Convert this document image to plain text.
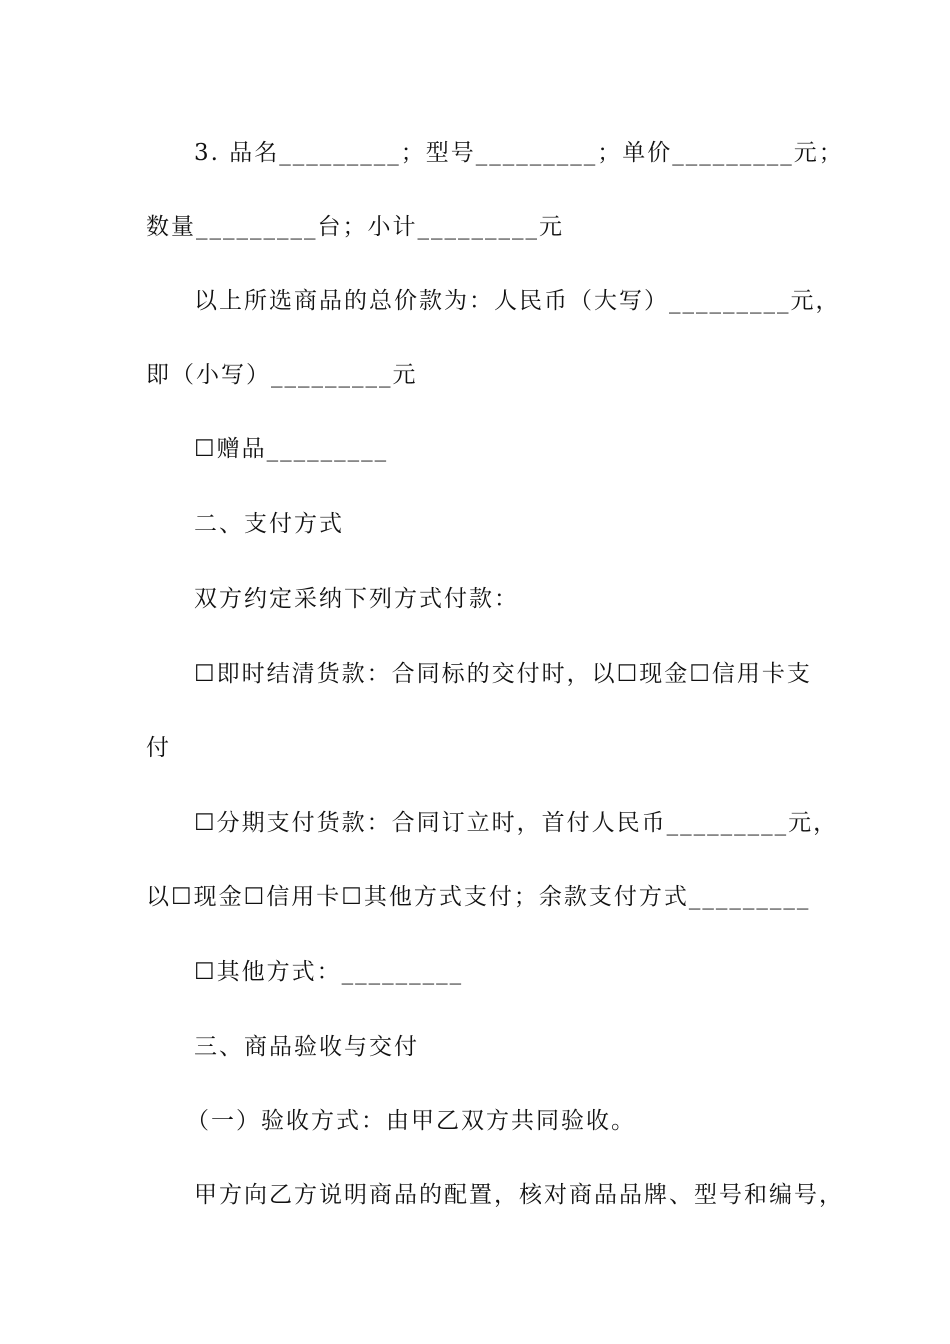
3. 品名_________；型号_________；单价_________元；
数量_________台；小计_________元
以上所选商品的总价款为：人民币（大写）_________元，
即（小写）_________元
☐赠品_________
二、支付方式
双方约定采纳下列方式付款：
☐即时结清货款：合同标的交付时，以☐现金☐信用卡支
付
☐分期支付货款：合同订立时，首付人民币_________元，
以☐现金☐信用卡☐其他方式支付；余款支付方式_________
☐其他方式：_________
三、商品验收与交付
（一）验收方式：由甲乙双方共同验收。
甲方向乙方说明商品的配置，核对商品品牌、型号和编号，
